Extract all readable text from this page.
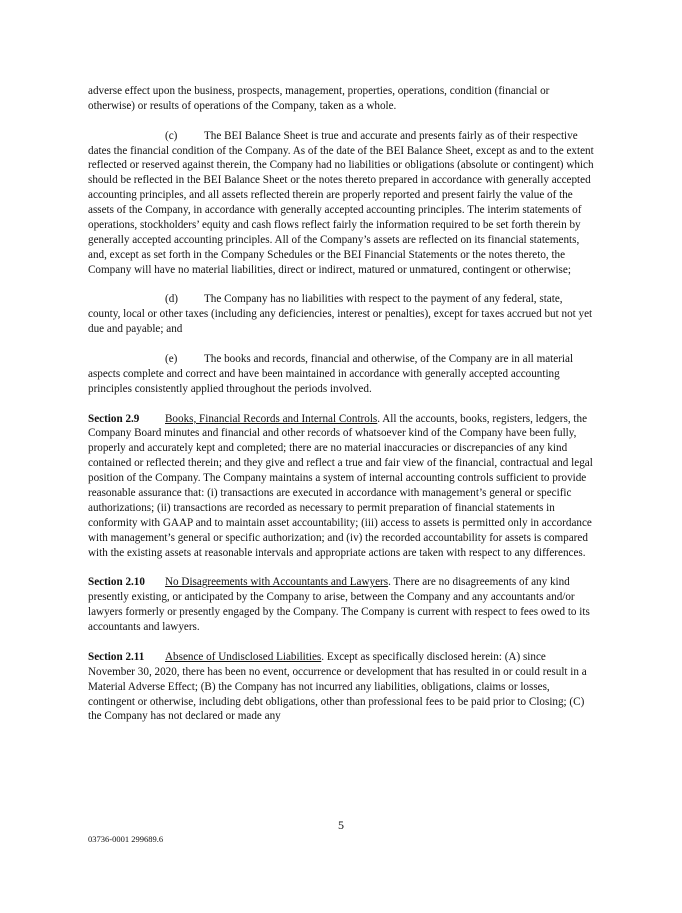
adverse effect upon the business, prospects, management, properties, operations, condition (financial or otherwise) or results of operations of the Company, taken as a whole.

(c) The BEI Balance Sheet is true and accurate and presents fairly as of their respective dates the financial condition of the Company. As of the date of the BEI Balance Sheet, except as and to the extent reflected or reserved against therein, the Company had no liabilities or obligations (absolute or contingent) which should be reflected in the BEI Balance Sheet or the notes thereto prepared in accordance with generally accepted accounting principles, and all assets reflected therein are properly reported and present fairly the value of the assets of the Company, in accordance with generally accepted accounting principles. The interim statements of operations, stockholders’ equity and cash flows reflect fairly the information required to be set forth therein by generally accepted accounting principles. All of the Company’s assets are reflected on its financial statements, and, except as set forth in the Company Schedules or the BEI Financial Statements or the notes thereto, the Company will have no material liabilities, direct or indirect, matured or unmatured, contingent or otherwise;

(d) The Company has no liabilities with respect to the payment of any federal, state, county, local or other taxes (including any deficiencies, interest or penalties), except for taxes accrued but not yet due and payable; and

(e) The books and records, financial and otherwise, of the Company are in all material aspects complete and correct and have been maintained in accordance with generally accepted accounting principles consistently applied throughout the periods involved.

Section 2.9 Books, Financial Records and Internal Controls. All the accounts, books, registers, ledgers, the Company Board minutes and financial and other records of whatsoever kind of the Company have been fully, properly and accurately kept and completed; there are no material inaccuracies or discrepancies of any kind contained or reflected therein; and they give and reflect a true and fair view of the financial, contractual and legal position of the Company. The Company maintains a system of internal accounting controls sufficient to provide reasonable assurance that: (i) transactions are executed in accordance with management’s general or specific authorizations; (ii) transactions are recorded as necessary to permit preparation of financial statements in conformity with GAAP and to maintain asset accountability; (iii) access to assets is permitted only in accordance with management’s general or specific authorization; and (iv) the recorded accountability for assets is compared with the existing assets at reasonable intervals and appropriate actions are taken with respect to any differences.

Section 2.10 No Disagreements with Accountants and Lawyers. There are no disagreements of any kind presently existing, or anticipated by the Company to arise, between the Company and any accountants and/or lawyers formerly or presently engaged by the Company. The Company is current with respect to fees owed to its accountants and lawyers.

Section 2.11 Absence of Undisclosed Liabilities. Except as specifically disclosed herein: (A) since November 30, 2020, there has been no event, occurrence or development that has resulted in or could result in a Material Adverse Effect; (B) the Company has not incurred any liabilities, obligations, claims or losses, contingent or otherwise, including debt obligations, other than professional fees to be paid prior to Closing; (C) the Company has not declared or made any

5
03736-0001 299689.6
